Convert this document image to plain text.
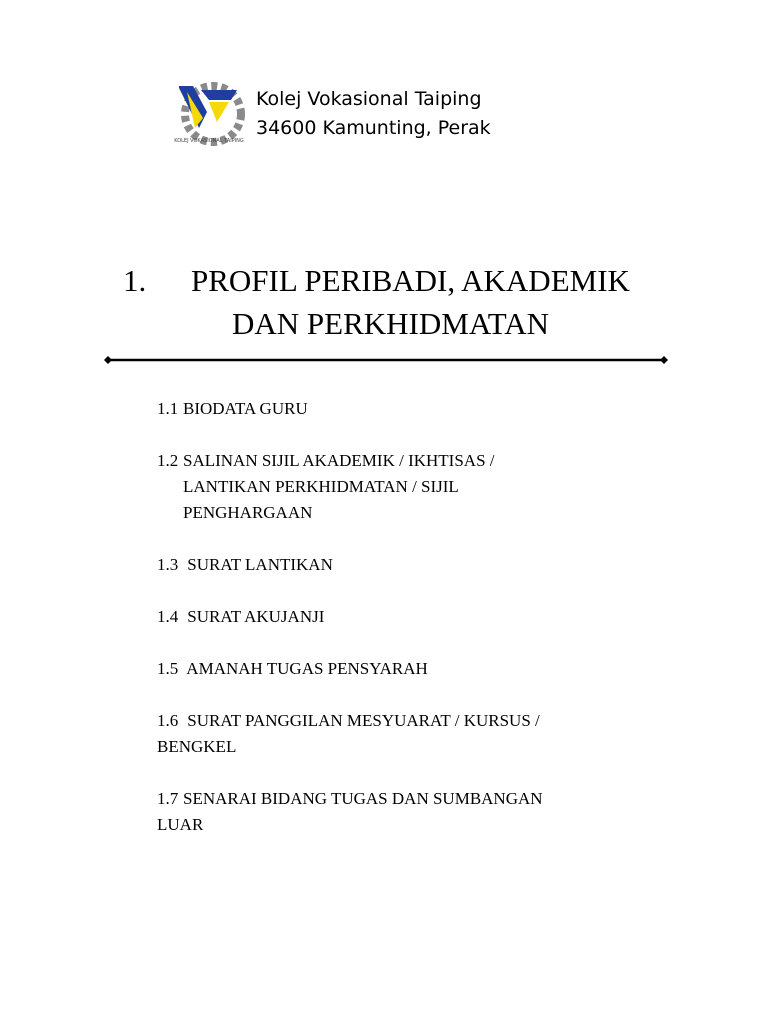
KOLEJ VOKASIONAL TAIPING
Kolej Vokasional Taiping
34600 Kamunting, Perak
1. PROFIL PERIBADI, AKADEMIK
DAN PERKHIDMATAN
1.1 BIODATA GURU
1.2 SALINAN SIJIL AKADEMIK / IKHTISAS /
LANTIKAN PERKHIDMATAN / SIJIL
PENGHARGAAN
1.3 SURAT LANTIKAN
1.4 SURAT AKUJANJI
1.5 AMANAH TUGAS PENSYARAH
1.6 SURAT PANGGILAN MESYUARAT / KURSUS /
BENGKEL
1.7 SENARAI BIDANG TUGAS DAN SUMBANGAN
LUAR
